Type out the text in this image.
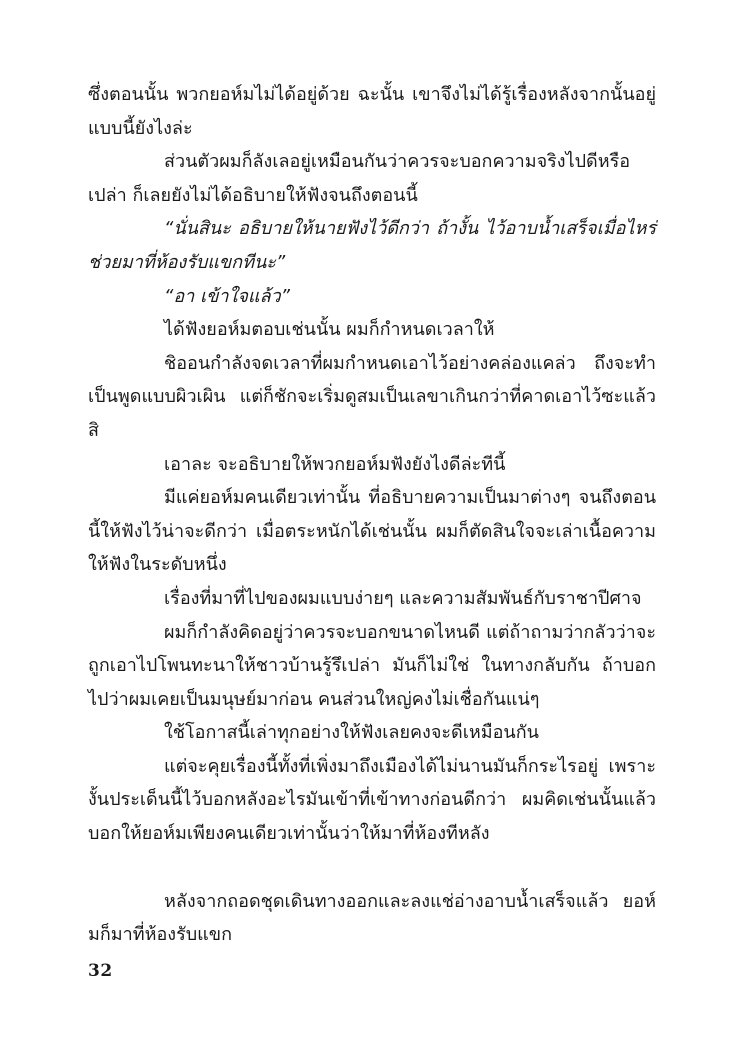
ซึ่งตอนนั้น พวกยอห์มไม่ได้อยู่ด้วย ฉะนั้น เขาจึงไม่ได้รู้เรื่องหลังจากนั้นอยู่แบบนี้ยังไงล่ะ

ส่วนตัวผมก็ลังเลอยู่เหมือนกันว่าควรจะบอกความจริงไปดีหรือเปล่า ก็เลยยังไม่ได้อธิบายให้ฟังจนถึงตอนนี้

“นั่นสินะ อธิบายให้นายฟังไว้ดีกว่า ถ้างั้น ไว้อาบน้ำเสร็จเมื่อไหร่ช่วยมาที่ห้องรับแขกทีนะ”

“อา เข้าใจแล้ว”

ได้ฟังยอห์มตอบเช่นนั้น ผมก็กำหนดเวลาให้

ชิออนกำลังจดเวลาที่ผมกำหนดเอาไว้อย่างคล่องแคล่ว ถึงจะทำเป็นพูดแบบผิวเผิน แต่ก็ชักจะเริ่มดูสมเป็นเลขาเกินกว่าที่คาดเอาไว้ซะแล้วสิ

เอาละ จะอธิบายให้พวกยอห์มฟังยังไงดีล่ะทีนี้

มีแค่ยอห์มคนเดียวเท่านั้น ที่อธิบายความเป็นมาต่างๆ จนถึงตอนนี้ให้ฟังไว้น่าจะดีกว่า เมื่อตระหนักได้เช่นนั้น ผมก็ตัดสินใจจะเล่าเนื้อความให้ฟังในระดับหนึ่ง

เรื่องที่มาที่ไปของผมแบบง่ายๆ และความสัมพันธ์กับราชาปีศาจ

ผมก็กำลังคิดอยู่ว่าควรจะบอกขนาดไหนดี แต่ถ้าถามว่ากลัวว่าจะถูกเอาไปโพนทะนาให้ชาวบ้านรู้รึเปล่า มันก็ไม่ใช่ ในทางกลับกัน ถ้าบอกไปว่าผมเคยเป็นมนุษย์มาก่อน คนส่วนใหญ่คงไม่เชื่อกันแน่ๆ

ใช้โอกาสนี้เล่าทุกอย่างให้ฟังเลยคงจะดีเหมือนกัน

แต่จะคุยเรื่องนี้ทั้งที่เพิ่งมาถึงเมืองได้ไม่นานมันก็กระไรอยู่ เพราะงั้นประเด็นนี้ไว้บอกหลังอะไรมันเข้าที่เข้าทางก่อนดีกว่า ผมคิดเช่นนั้นแล้วบอกให้ยอห์มเพียงคนเดียวเท่านั้นว่าให้มาที่ห้องทีหลัง

หลังจากถอดชุดเดินทางออกและลงแช่อ่างอาบน้ำเสร็จแล้ว ยอห์มก็มาที่ห้องรับแขก

32
